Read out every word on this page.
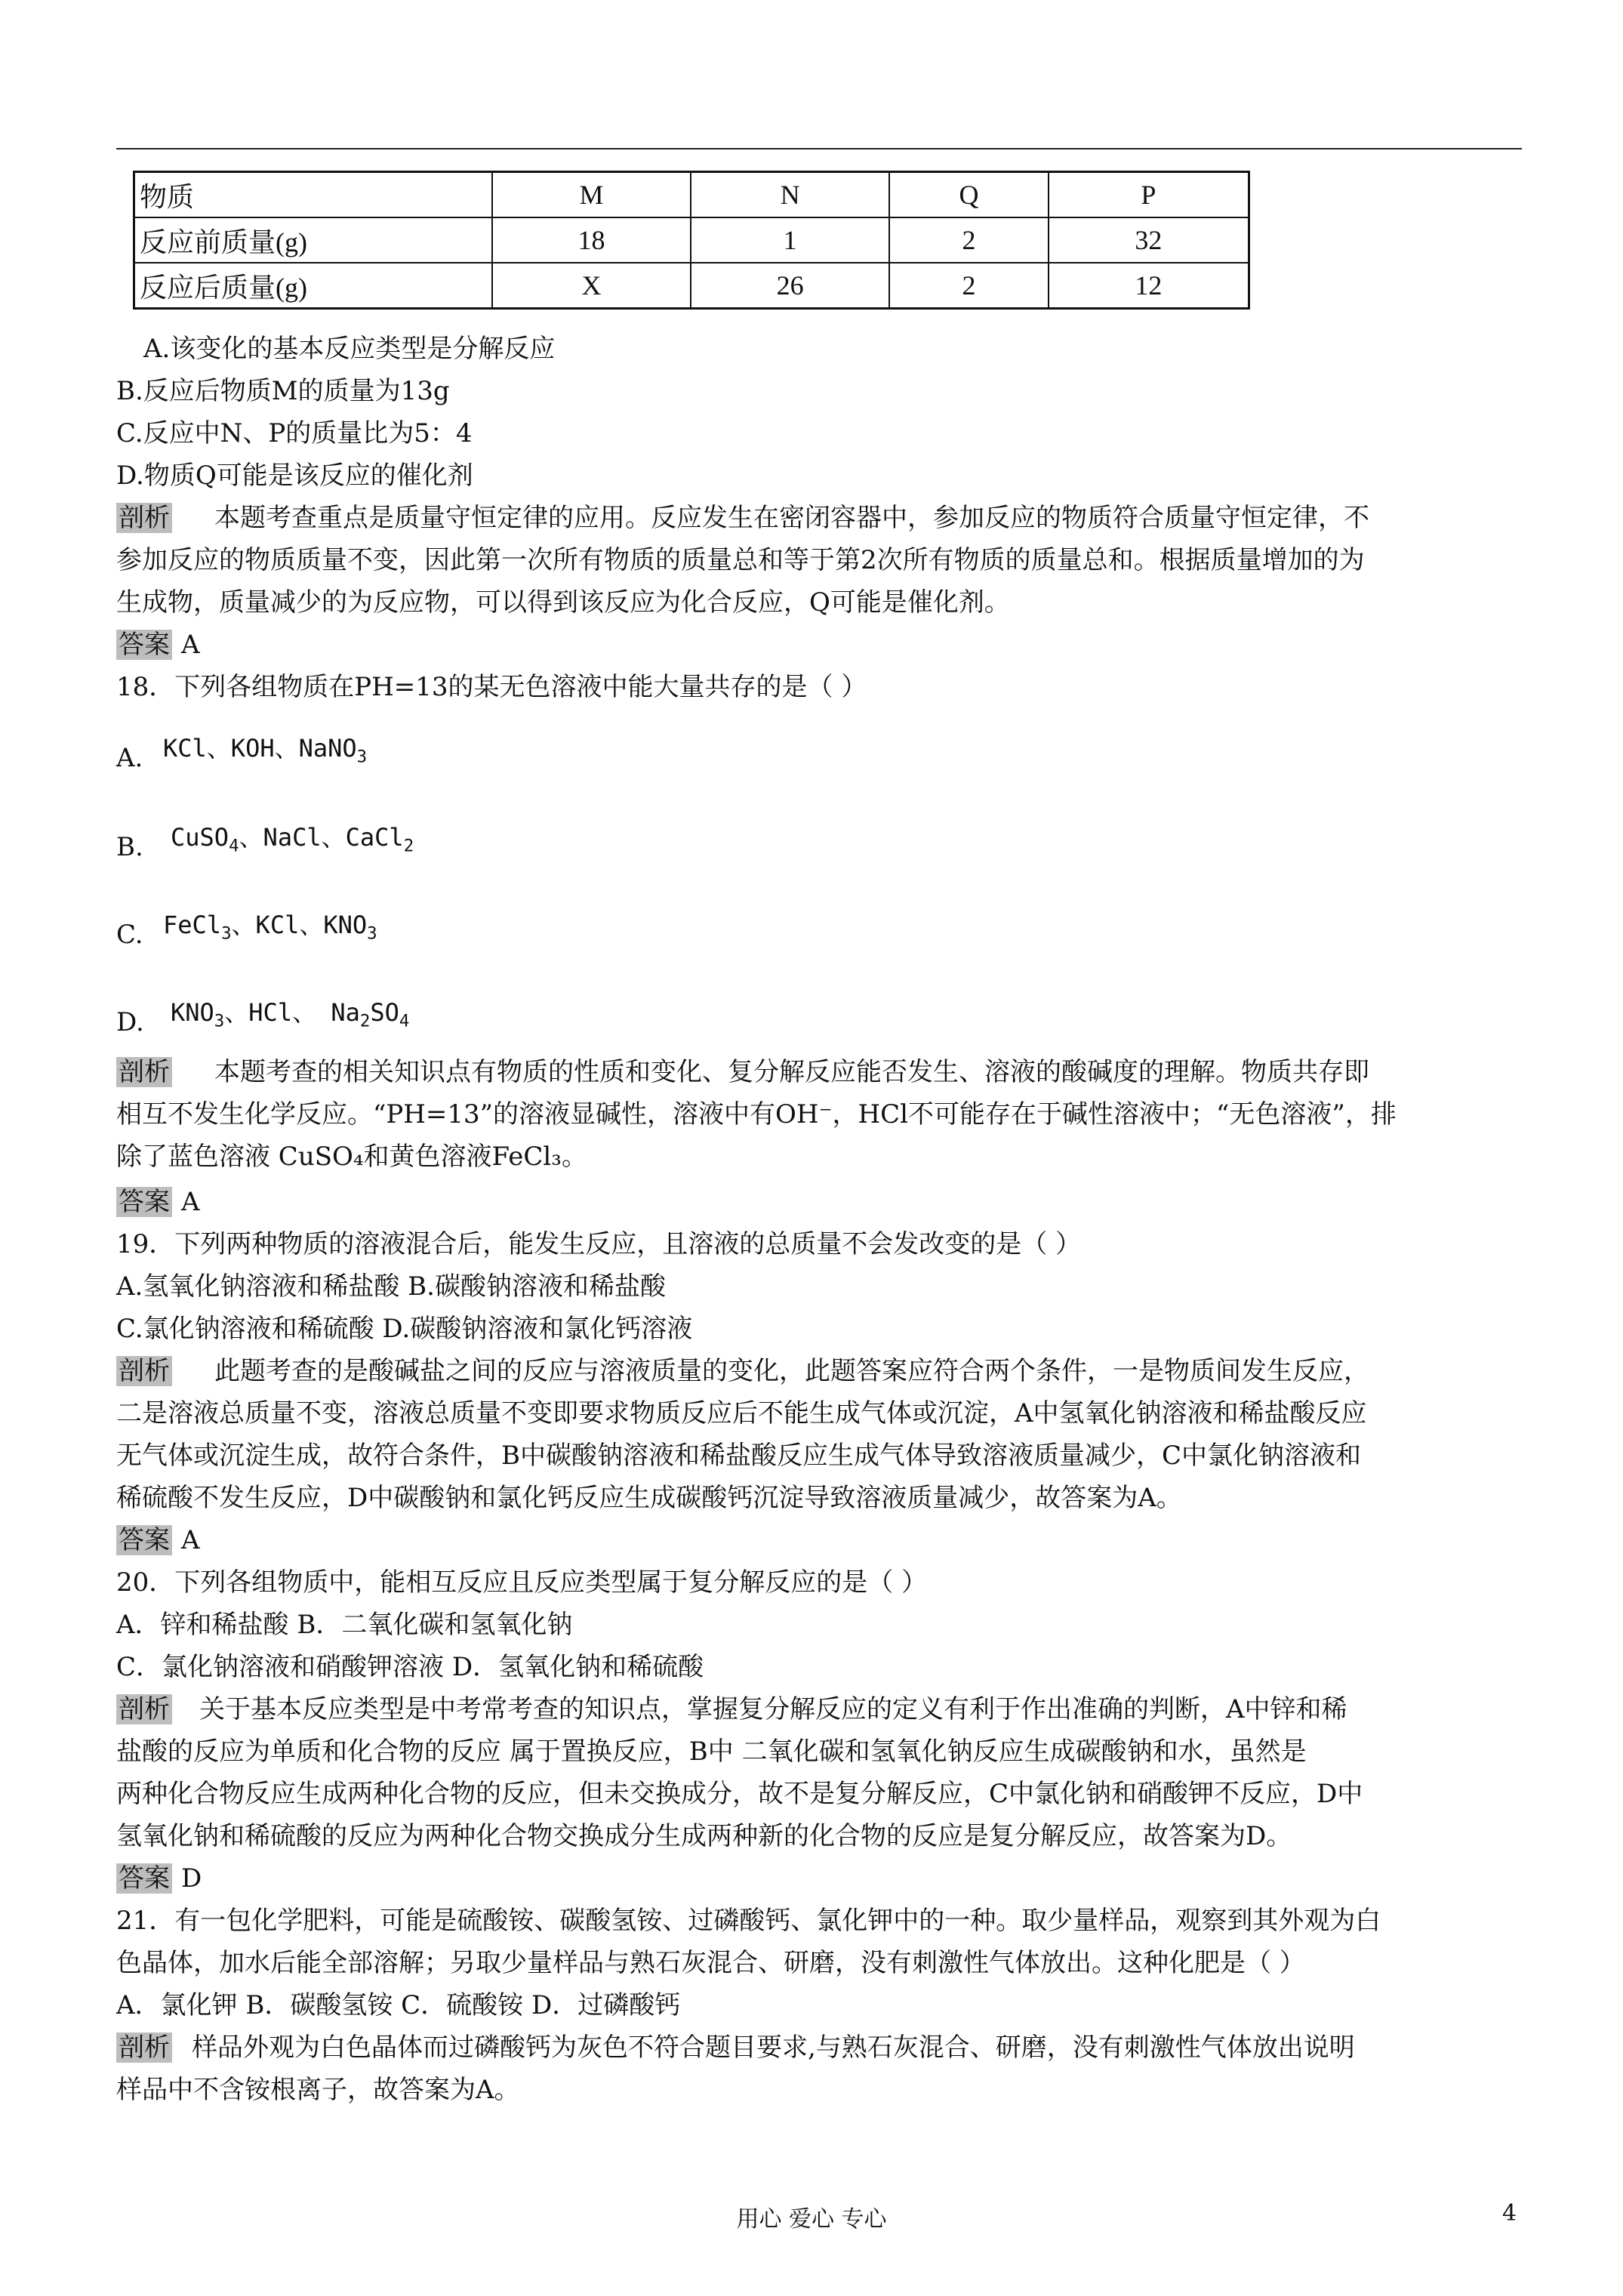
物质	M	N	Q	P
反应前质量(g)	18	1	2	32
反应后质量(g)	X	26	2	12
A.该变化的基本反应类型是分解反应
B.反应后物质M的质量为13g
C.反应中N、P的质量比为5：4
D.物质Q可能是该反应的催化剂
剖析 本题考查重点是质量守恒定律的应用。反应发生在密闭容器中，参加反应的物质符合质量守恒定律，不
参加反应的物质质量不变，因此第一次所有物质的质量总和等于第2次所有物质的质量总和。根据质量增加的为
生成物，质量减少的为反应物，可以得到该反应为化合反应，Q可能是催化剂。
答案 A
18．下列各组物质在PH=13的某无色溶液中能大量共存的是（ ）
A. KCl、KOH、NaNO$_3$
B. CuSO$_4$、NaCl、CaCl$_2$
C. FeCl$_3$、KCl、$KNO_3$
D. $KNO_3$、HCl、 $Na_2SO_4$
剖析 本题考查的相关知识点有物质的性质和变化、复分解反应能否发生、溶液的酸碱度的理解。物质共存即
相互不发生化学反应。“PH=13”的溶液显碱性，溶液中有OH⁻，HCl不可能存在于碱性溶液中；“无色溶液”，排
除了蓝色溶液 CuSO₄和黄色溶液FeCl₃。
答案 A
19．下列两种物质的溶液混合后，能发生反应，且溶液的总质量不会发改变的是（ ）
A.氢氧化钠溶液和稀盐酸 B.碳酸钠溶液和稀盐酸
C.氯化钠溶液和稀硫酸 D.碳酸钠溶液和氯化钙溶液
剖析 此题考查的是酸碱盐之间的反应与溶液质量的变化，此题答案应符合两个条件，一是物质间发生反应，
二是溶液总质量不变，溶液总质量不变即要求物质反应后不能生成气体或沉淀，A中氢氧化钠溶液和稀盐酸反应
无气体或沉淀生成，故符合条件，B中碳酸钠溶液和稀盐酸反应生成气体导致溶液质量减少，C中氯化钠溶液和
稀硫酸不发生反应，D中碳酸钠和氯化钙反应生成碳酸钙沉淀导致溶液质量减少，故答案为A。
答案 A
20．下列各组物质中，能相互反应且反应类型属于复分解反应的是（ ）
A．锌和稀盐酸 B．二氧化碳和氢氧化钠
C．氯化钠溶液和硝酸钾溶液 D．氢氧化钠和稀硫酸
剖析 关于基本反应类型是中考常考查的知识点，掌握复分解反应的定义有利于作出准确的判断，A中锌和稀
盐酸的反应为单质和化合物的反应 属于置换反应，B中 二氧化碳和氢氧化钠反应生成碳酸钠和水，虽然是
两种化合物反应生成两种化合物的反应，但未交换成分，故不是复分解反应，C中氯化钠和硝酸钾不反应，D中
氢氧化钠和稀硫酸的反应为两种化合物交换成分生成两种新的化合物的反应是复分解反应，故答案为D。
答案 D
21．有一包化学肥料，可能是硫酸铵、碳酸氢铵、过磷酸钙、氯化钾中的一种。取少量样品，观察到其外观为白
色晶体，加水后能全部溶解；另取少量样品与熟石灰混合、研磨，没有刺激性气体放出。这种化肥是（ ）
A．氯化钾 B．碳酸氢铵 C．硫酸铵 D．过磷酸钙
剖析 样品外观为白色晶体而过磷酸钙为灰色不符合题目要求,与熟石灰混合、研磨，没有刺激性气体放出说明
样品中不含铵根离子，故答案为A。
用心 爱心 专心	4
